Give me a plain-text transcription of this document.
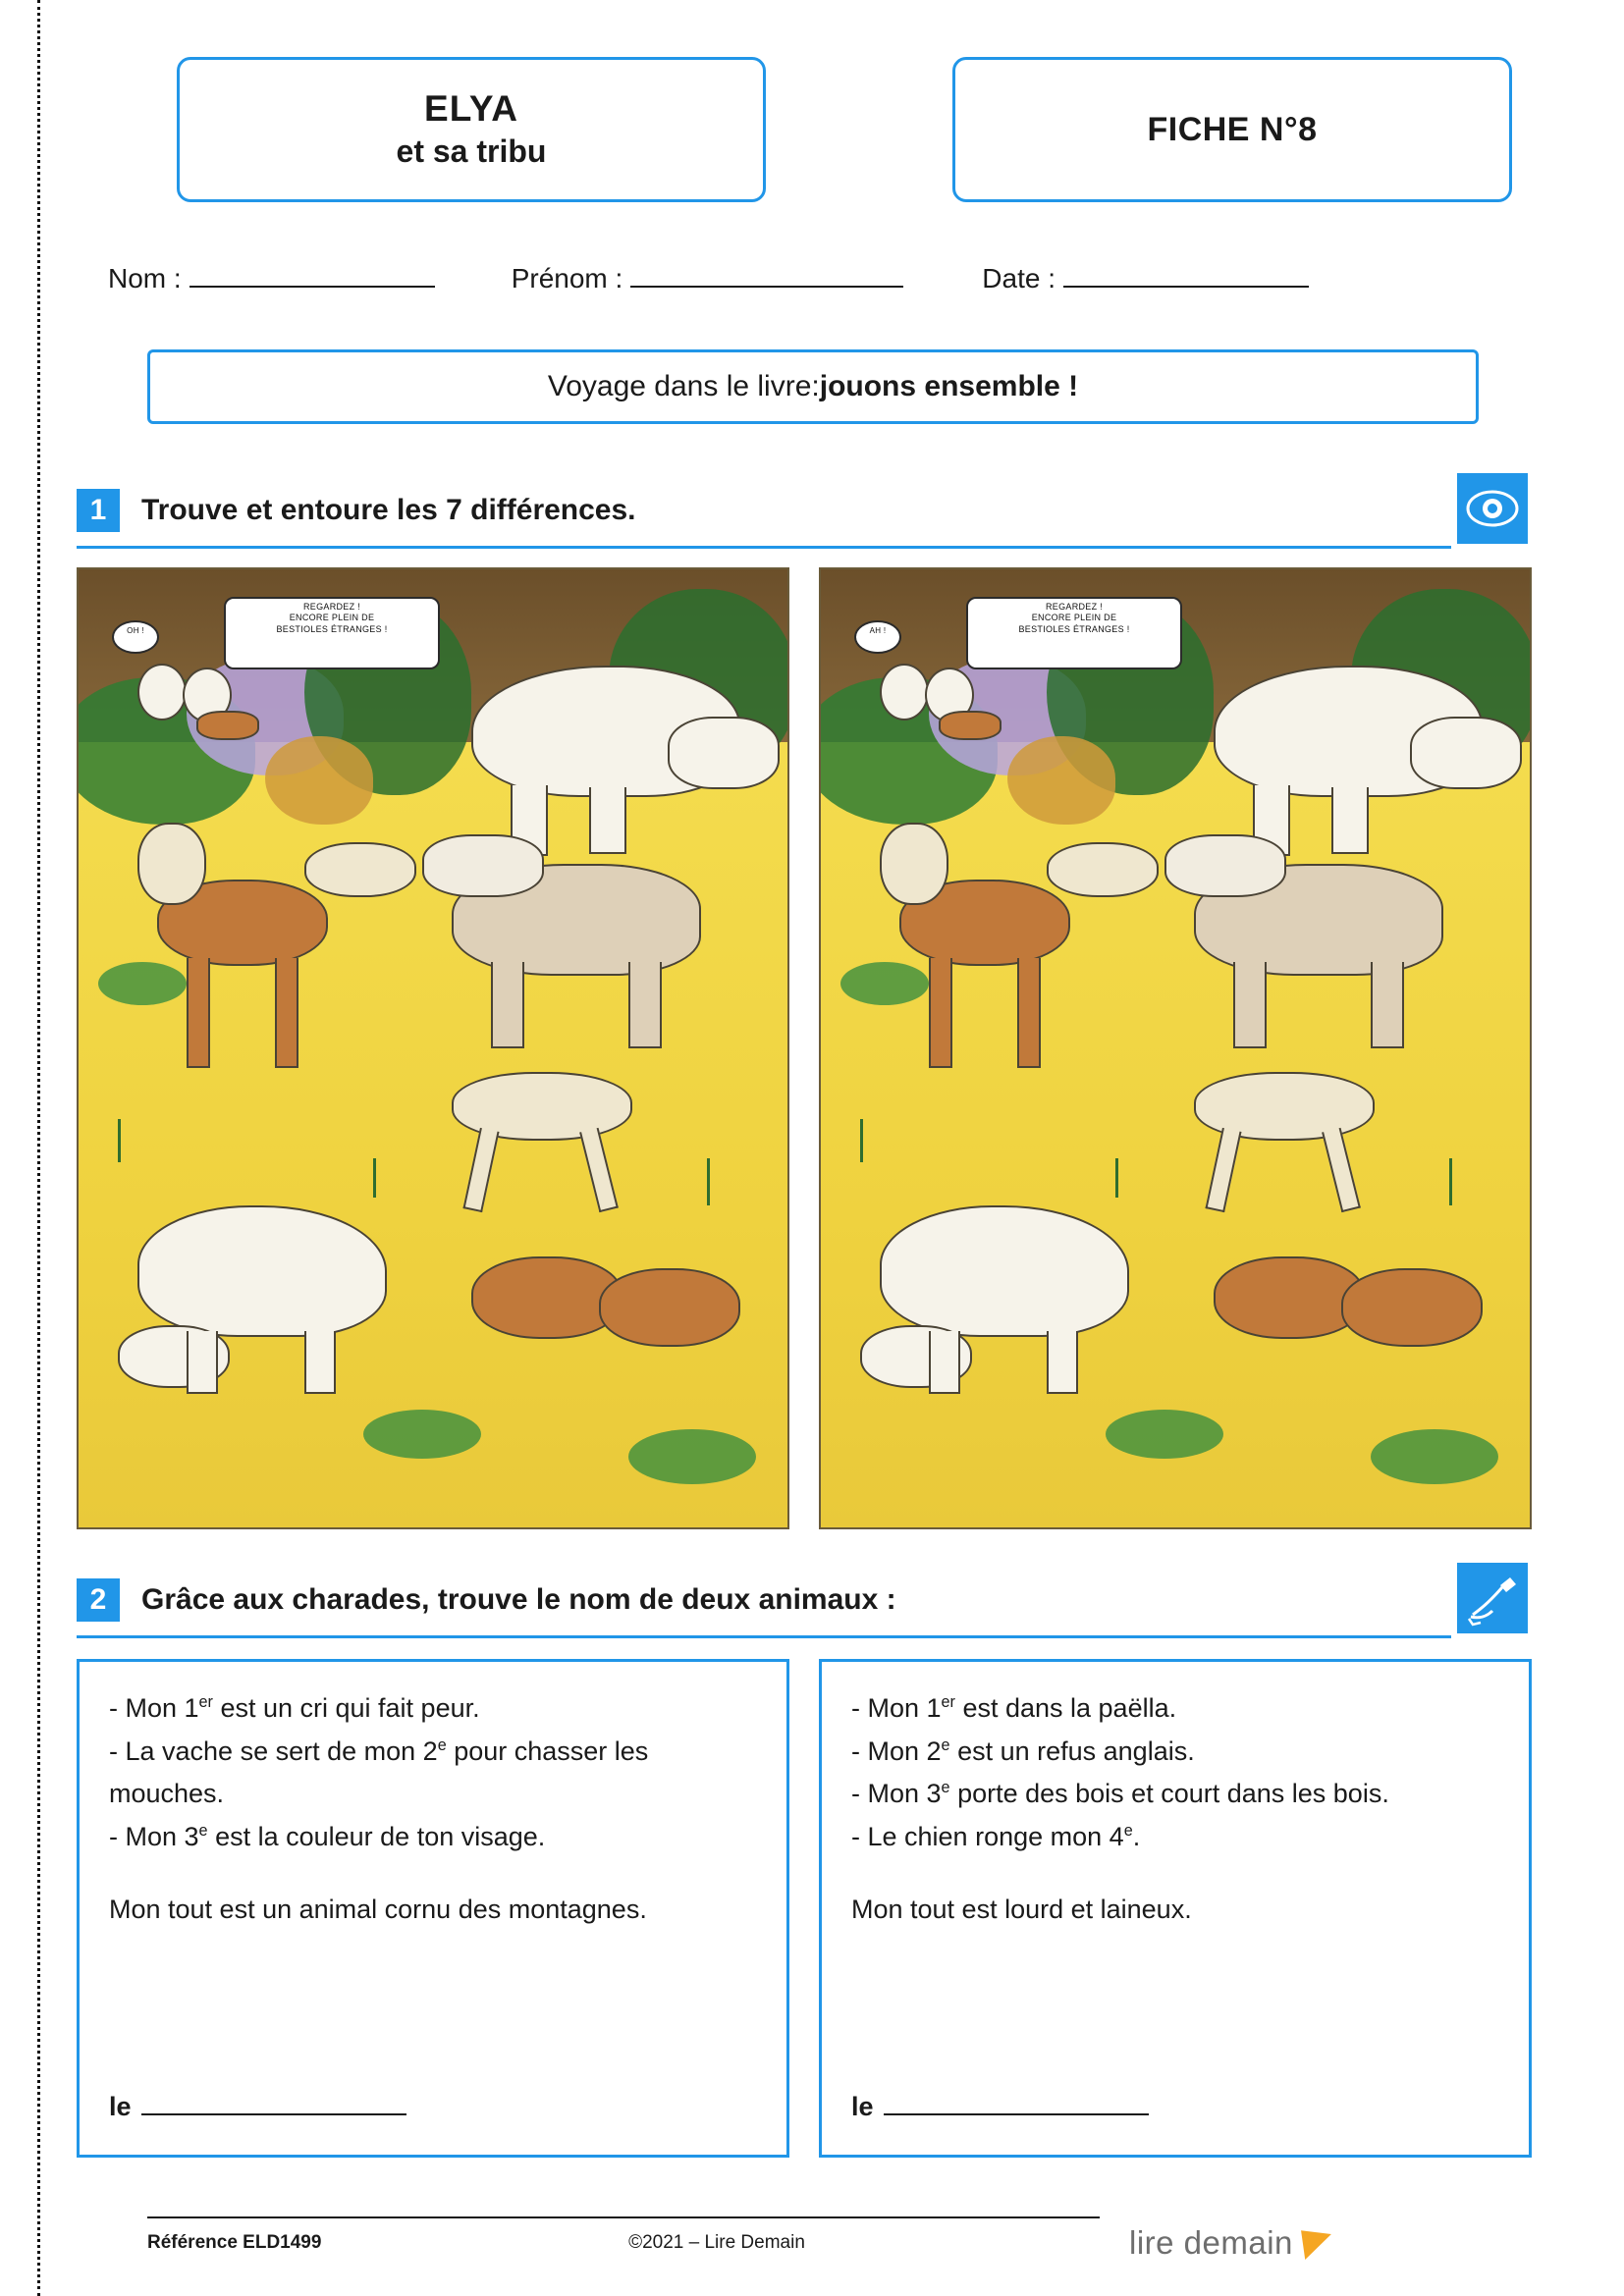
ELYA
et sa tribu
FICHE N°8
Nom :	Prénom :	Date :
Voyage dans le livre : jouons ensemble !
1	Trouve et entoure les 7 différences.
OH !
REGARDEZ !
ENCORE PLEIN DE
BESTIOLES ÉTRANGES !	AH !
REGARDEZ !
ENCORE PLEIN DE
BESTIOLES ÉTRANGES !
2	Grâce aux charades, trouve le nom de deux animaux :

- Mon 1er est un cri qui fait peur.

- La vache se sert de mon 2e pour chasser les mouches.

- Mon 3e est la couleur de ton visage.

Mon tout est un animal cornu des montagnes.

le

- Mon 1er est dans la paëlla.

- Mon 2e est un refus anglais.

- Mon 3e porte des bois et court dans les bois.

- Le chien ronge mon 4e.

Mon tout est lourd et laineux.

le
Référence ELD1499	©2021 – Lire Demain	lire demain
